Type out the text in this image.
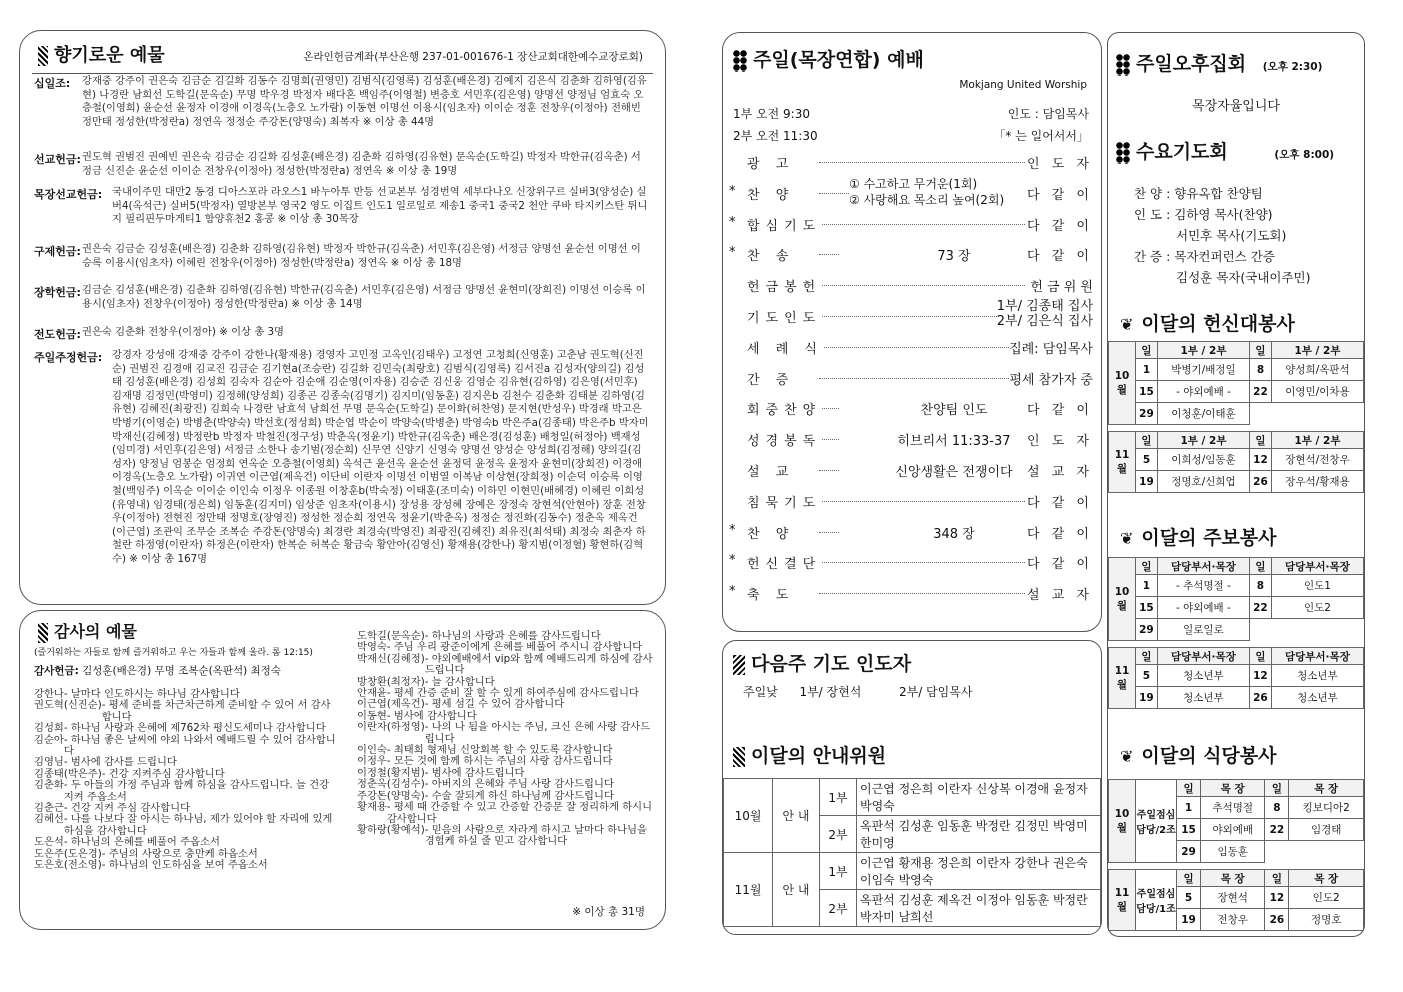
향기로운 예물	온라인헌금계좌(부산은행 237-01-001676-1 장산교회대한예수교장로회)
십일조: 강재중 강주이 권은숙 김금순 김길화 김동수 김명희(권영민) 김범식(김영록) 김성훈(배은경) 김예지 김은식 김춘화 김하영(김유현) 나경란 남희선 도학길(문옥순) 무명 박우경 박정자 배다혼 백임주(이영철) 변층호 서민후(김은영) 양명선 양정님 엄효숙 오층철(이영희) 윤순선 윤정자 이경애 이경옥(노층오 노가람) 이동현 이명선 이용시(임초자) 이이순 정훈 전창우(이정아) 전해빈 정만태 정성한(박정란a) 정연옥 정정순 주강돈(양명숙) 최복자 ※ 이상 총 44명
선교헌금: 권도혁 권범진 권예빈 권은숙 김금순 김길화 김성훈(배은경) 김춘화 김하영(김유현) 문옥순(도학길) 박정자 박한규(김옥춘) 서정금 신진순 윤순선 이이순 전창우(이정아) 정성한(박정란a) 정연옥 ※ 이상 총 19명
목장선교헌금: 국내이주민 대만2 동경 디아스포라 라오스1 바누아투 반등 선교본부 성경번역 세부다나오 신장위구르 실버3(양성순) 실버4(옥석근) 실버5(박정자) 열방본부 영국2 영도 이집트 인도1 일로일로 제송1 중국1 중국2 천안 쿠바 타지키스탄 튀니지 필리핀두마게티1 함양휴천2 홍콩 ※ 이상 총 30목장
구제헌금: 권은숙 김금순 김성훈(배은경) 김춘화 김하영(김유현) 박정자 박한규(김옥춘) 서민후(김은영) 서정금 양명선 윤순선 이명선 이승록 이용시(임초자) 이혜린 전창우(이정아) 정성한(박정란a) 정연옥 ※ 이상 총 18명
장학헌금: 김금순 김성훈(배은경) 김춘화 김하영(김유현) 박한규(김옥춘) 서민후(김은영) 서정금 양명선 윤현미(장희진) 이명선 이승록 이용시(임초자) 전창우(이정아) 정성한(박정란a) ※ 이상 총 14명
전도헌금: 권은숙 김춘화 전창우(이정아) ※ 이상 총 3명
주일주정헌금: 강경자 강성애 강재중 강주이 강한나(황재용) 경영자 고민정 고옥인(김태우) 고정연 고청희(신영훈) 고춘남 권도혁(신진순) 권범진 김경애 김교진 김금순 김기현a(조승란) 김길화 김민숙(최랑호) 김범식(김영록) 김서진a 김성자(양의길) 김성태 김성훈(배은경) 김성희 김숙자 김순아 김순애 김순영(이자용) 김승준 김신웅 김영순 김유현(김하영) 김은영(서민후) 김재명 김정민(박영미) 김정해(양성희) 김종곤 김종숙(김명기) 김지미(임동훈) 김지은b 김천수 김춘화 김태분 김하영(김유현) 김혜진(최광진) 김희숙 나경란 남효석 남희선 무명 문옥순(도학길) 문이화(허찬영) 문지현(반성우) 박경래 박고은 박병기(이영순) 박병춘(박양숙) 박선호(정성희) 박순엽 박순이 박양숙(박병춘) 박영숙b 박은주a(김종태) 박은주b 박자미 박재신(김혜정) 박정란b 박정자 박철진(정구성) 박춘옥(정윤기) 박한규(김옥춘) 배은경(김성훈) 배청일(허정아) 백재성(임미경) 서민후(김은영) 서정금 소한나 송기범(정순희) 신무연 신양기 신영숙 양명선 양성순 양성희(김정해) 양의길(김성자) 양정님 엄봉순 엄정희 연옥순 오층철(이영희) 옥석근 윤선옥 윤순선 윤정덕 윤정옥 윤정자 윤현미(장희진) 이경애 이경옥(노층오 노가람) 이귀연 이근엽(제옥건) 이단비 이란자 이명선 이범열 이복남 이상현(장희정) 이순덕 이승록 이영철(백임주) 이옥순 이이순 이인숙 이정우 이종원 이창훈b(박숙정) 이태훈(조미숙) 이하민 이현민(배혜경) 이혜린 이희성(유영내) 임경태(정은희) 임동훈(김지미) 임상준 임초자(이용시) 장성용 장성혜 장예은 장정숙 장현석(안현아) 장훈 전창우(이정아) 전현진 정만태 정명호(장영진) 정성한 정순희 정연옥 정윤기(박춘옥) 정정순 정진화(김동수) 정춘옥 제옥건(이근엽) 조관익 조무순 조복순 주강돈(양명숙) 최경란 최경숙(박영진) 최광진(김혜진) 최유진(최석태) 최정숙 최춘자 하철란 하정영(이란자) 하정은(이란자) 한복순 허복순 황금숙 황안아(김영신) 황재용(강한나) 황지범(이정혈) 황현하(김혁수) ※ 이상 총 167명
감사의 예물
(즐거워하는 자들로 함께 즐거워하고 우는 자들과 함께 울라. 롬 12:15)
감사헌금: 김성훈(배은경) 무명 조복순(옥판석) 최정숙
강한나 - 날마다 인도하시는 하나님 감사합니다
권도혁(신진순) - 평세 준비를 차근차근하게 준비할 수 있어 서 감사합니다
김성희 - 하나님 사랑과 은혜에 제762차 평신도세미나 감사합니다
김순아 - 하나님 좋은 날씨에 야외 나와서 예배드릴 수 있어 감사합니다
김영님 - 범사에 감사를 드립니다
김종태(박은주) - 건강 지켜주심 감사합니다
김춘화 - 두 아들의 가정 주님과 함께 하심을 감사드립니다. 늘 건강 지켜 주옵소서
김춘근 - 건강 지켜 주심 감사합니다
김혜선 - 나를 나보다 잘 아시는 하나님, 제가 있어야 할 자리에 있게 하심을 감사합니다
도은석 - 하나님의 은혜를 베풀어 주옵소서
도은주(도은경) - 주님의 사랑으로 충만케 하옵소서
도은호(전소영) - 하나님의 인도하심을 보여 주옵소서
도학길(문옥순) - 하나님의 사랑과 은혜를 감사드립니다
박영숙 - 주님 우리 광준이에게 은혜를 베풀어 주시니 감사합니다
박재신(김혜정) - 야외예배에서 vip와 함께 예배드리게 하심에 감사드립니다
방창환(최정자) - 늘 감사합니다
안재윤 - 평세 간증 준비 잘 할 수 있게 하여주심에 감사드립니다
이근엽(제옥건) - 평세 섬길 수 있어 감사합니다
이동현 - 범사에 감사합니다
이란자(하정영) - 나의 나 됨을 아시는 주님, 크신 은혜 사랑 감사드립니다
이인숙 - 최태희 형제님 신앙회복 할 수 있도록 감사합니다
이정우 - 모든 것에 함께 하시는 주님의 사랑 감사드립니다
이정철(황지범) - 범사에 감사드립니다
정춘옥(김성수) - 아버지의 은혜와 주님 사랑 감사드립니다
주강돈(양명숙) - 수술 잘되게 하신 하나님께 감사드립니다
황재용 - 평세 때 간증할 수 있고 간증할 간증문 잘 정리하게 하시니 감사합니다
황하랑(황예석) - 믿음의 사람으로 자라게 하시고 날마다 하나님을 경험케 하실 줄 믿고 감사합니다
※ 이상 총 31명
주일(목장연합) 예배
Mokjang United Worship
1부 오전 9:30	인도 : 담임목사
2부 오전 11:30	「* 는 일어서서」
광 고	인 도 자
* 찬 양
① 수고하고 무거운(1회)
② 사랑해요 목소리 높여(2회)	다 같 이
* 합심기도	다 같 이
* 찬 송	73 장	다 같 이
헌금봉헌	헌 금 위 원
기도인도
1부/ 김종태 집사
2부/ 김은식 집사
세 례 식	집례: 담임목사
간 증	평세 참가자 중
회중찬양	찬양팀 인도	다 같 이
성경봉독	히브리서 11:33-37	인 도 자
설 교	신앙생활은 전쟁이다	설 교 자
침묵기도	다 같 이
* 찬 양	348 장	다 같 이
* 헌신결단	다 같 이
* 축 도	설 교 자
다음주 기도 인도자
주일낮 1부/ 장현석	2부/ 담임목사
이달의 안내위원
10월	안 내	1부	이근엽 정은희 이란자 신상복 이경애 윤정자 박영숙
		2부	옥판석 김성훈 임동훈 박정란 김정민 박영미 한미영
11월	안 내	1부	이근엽 황재용 정은희 이란자 강한나 권은숙 이임숙 박영숙
		2부	옥판석 김성훈 제옥건 이정아 임동훈 박정란 박자미 남희선
주일오후집회 (오후 2:30)
목장자율입니다
수요기도회	(오후 8:00)
찬 양 : 향유옥합 찬양팀
인 도 : 김하영 목사(찬양)
서민후 목사(기도회)
간 증 : 목자컨퍼런스 간증
김성훈 목자(국내이주민)
❦ 이달의 헌신대봉사
10
월	일	1부 / 2부	일	1부 / 2부
	1	박병기/배정일	8	양성희/옥판석
	15	- 야외예배 -	22	이영민/이차용
	29	이청훈/이태훈		

11
월	일	1부 / 2부	일	1부 / 2부
	5	이희성/임동훈	12	장현석/전창우
	19	정명호/신희업	26	장우석/황재용
❦ 이달의 주보봉사
10
월	일	담당부서·목장	일	담당부서·목장
	1	- 추석명절 -	8	인도1
	15	- 야외예배 -	22	인도2
	29	일로일로		

11
월	일	담당부서·목장	일	담당부서·목장
	5	청소년부	12	청소년부
	19	청소년부	26	청소년부
❦ 이달의 식당봉사
10
월	주일점심
담당/2조	일	목 장	일	목 장
		1	추석명절	8	킹보디아2
		15	야외예배	22	임경태
		29	임동훈		

11
월	주일점심
담당/1조	일	목 장	일	목 장
		5	장현석	12	인도2
		19	전창우	26	정명호
